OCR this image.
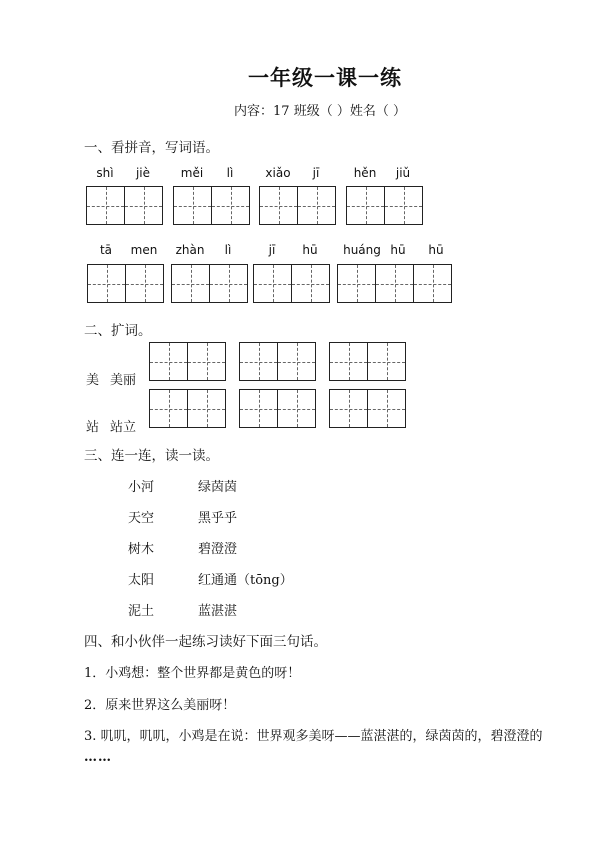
一年级一课一练
内容：17 班级（ ）姓名（ ）
一、看拼音，写词语。
shì	jiè	měi	lì	xiǎo	jī	hěn	jiǔ
tā	men	zhàn	lì	jī	hū	huáng hū	hū
二、扩词。
美 美丽
站 站立
三、连一连，读一读。
小河	绿茵茵
天空	黑乎乎
树木	碧澄澄
太阳	红通通（tōng）
泥土	蓝湛湛
四、和小伙伴一起练习读好下面三句话。
1．小鸡想：整个世界都是黄色的呀！
2．原来世界这么美丽呀！
3. 叽叽，叽叽，小鸡是在说：世界观多美呀——蓝湛湛的，绿茵茵的，碧澄澄的
……
